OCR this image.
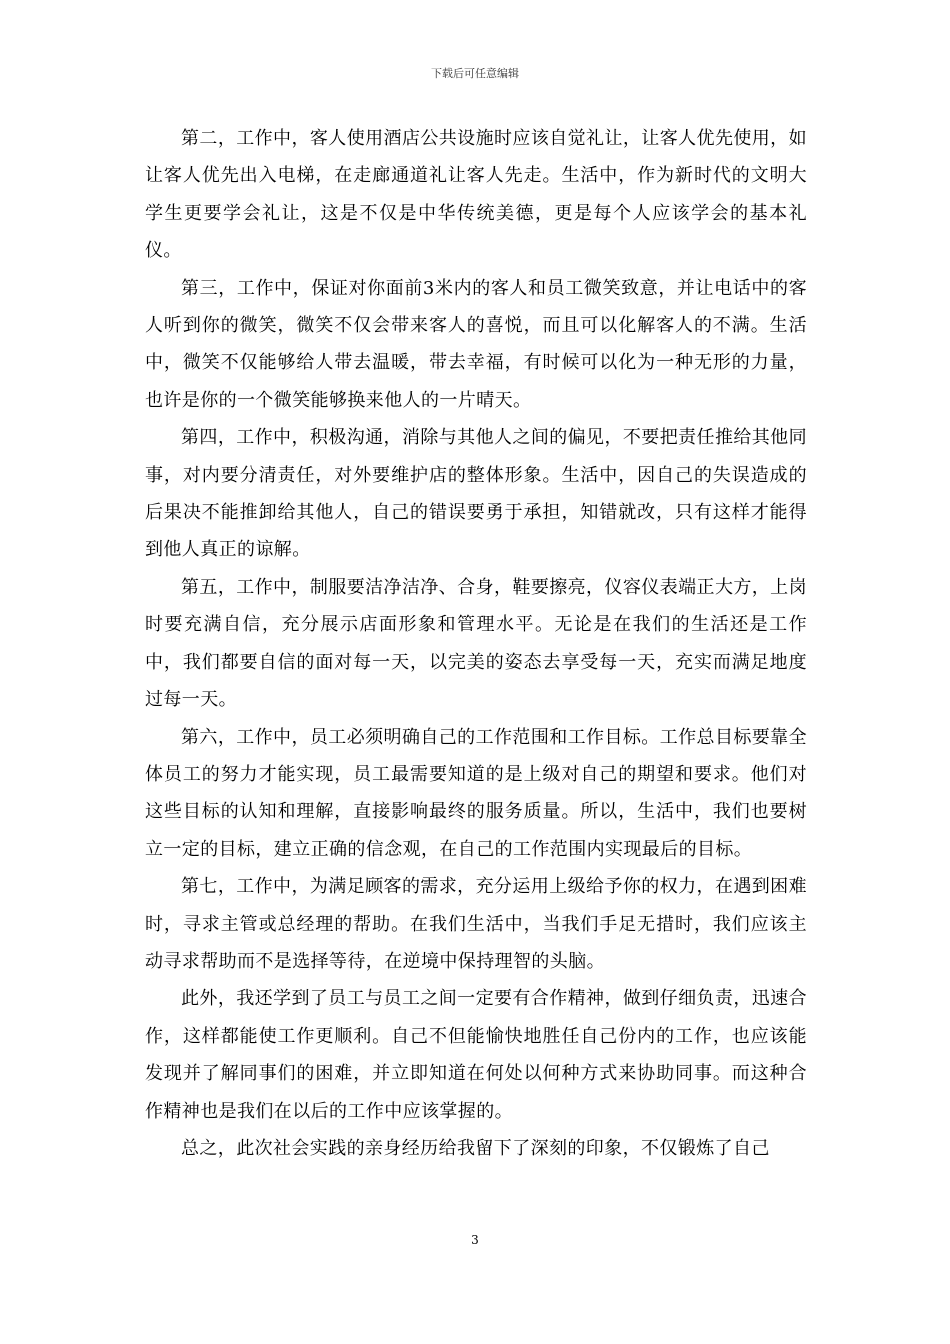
下载后可任意编辑

第二，工作中，客人使用酒店公共设施时应该自觉礼让，让客人优先使用，如让客人优先出入电梯，在走廊通道礼让客人先走。生活中，作为新时代的文明大学生更要学会礼让，这是不仅是中华传统美德，更是每个人应该学会的基本礼仪。

第三，工作中，保证对你面前3米内的客人和员工微笑致意，并让电话中的客人听到你的微笑，微笑不仅会带来客人的喜悦，而且可以化解客人的不满。生活中，微笑不仅能够给人带去温暖，带去幸福，有时候可以化为一种无形的力量，也许是你的一个微笑能够换来他人的一片晴天。

第四，工作中，积极沟通，消除与其他人之间的偏见，不要把责任推给其他同事，对内要分清责任，对外要维护店的整体形象。生活中，因自己的失误造成的后果决不能推卸给其他人，自己的错误要勇于承担，知错就改，只有这样才能得到他人真正的谅解。

第五，工作中，制服要洁净洁净、合身，鞋要擦亮，仪容仪表端正大方，上岗时要充满自信，充分展示店面形象和管理水平。无论是在我们的生活还是工作中，我们都要自信的面对每一天，以完美的姿态去享受每一天，充实而满足地度过每一天。

第六，工作中，员工必须明确自己的工作范围和工作目标。工作总目标要靠全体员工的努力才能实现，员工最需要知道的是上级对自己的期望和要求。他们对这些目标的认知和理解，直接影响最终的服务质量。所以，生活中，我们也要树立一定的目标，建立正确的信念观，在自己的工作范围内实现最后的目标。

第七，工作中，为满足顾客的需求，充分运用上级给予你的权力，在遇到困难时，寻求主管或总经理的帮助。在我们生活中，当我们手足无措时，我们应该主动寻求帮助而不是选择等待，在逆境中保持理智的头脑。

此外，我还学到了员工与员工之间一定要有合作精神，做到仔细负责，迅速合作，这样都能使工作更顺利。自己不但能愉快地胜任自己份内的工作，也应该能发现并了解同事们的困难，并立即知道在何处以何种方式来协助同事。而这种合作精神也是我们在以后的工作中应该掌握的。

总之，此次社会实践的亲身经历给我留下了深刻的印象，不仅锻炼了自己

3
